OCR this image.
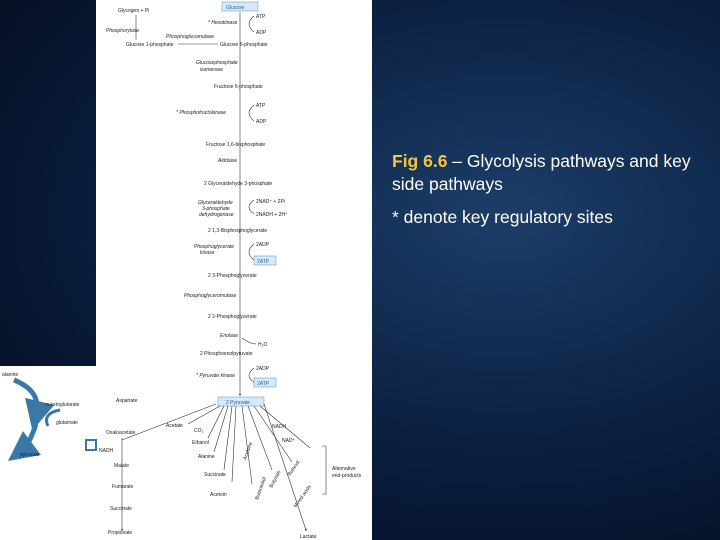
Glucose
Glycogen + Pi
Phosphorylase
ATP
* Hexokinase
ADP
Phosphoglucomutase
Glucose 1-phosphate	Glucose 6-phosphate
Glucosephosphate
isomerase
Fructose 6-phosphate
ATP
* Phosphofructokinase
ADP
Fructose 1,6-bisphosphate
Aldolase
2 Glyceraldehyde 3-phosphate
Glyceraldehyde
3-phosphate
dehydrogenase
2NAD⁺ + 2Pi
2NADH + 2H⁺
2 1,3-Bisphosphoglycerate
Phosphoglycerate
kinase
2ADP
2ATP
2 3-Phosphoglycerate
Phosphoglyceromutase
2 2-Phosphoglycerate
Enolase
H₂O
2 Phosphoenolpyruvate
2ADP
* Pyruvate kinase
2ATP
2 Pyruvate
Aspartate
Oxaloacetate
NADH
Malate
Fumarate
Succinate
Propionate
Acetate
CO₂
Ethanol
Alanine
Succinate
Acetoin
Acetone
Butanediol Butyrate
Butanol
Mixed acids
NADH
NAD⁺
Lactate
Alternative
end-products
alanine
α-ketoglutarate
glutamate
pyruvate

Fig 6.6 – Glycolysis pathways and key side pathways

* denote key regulatory sites
